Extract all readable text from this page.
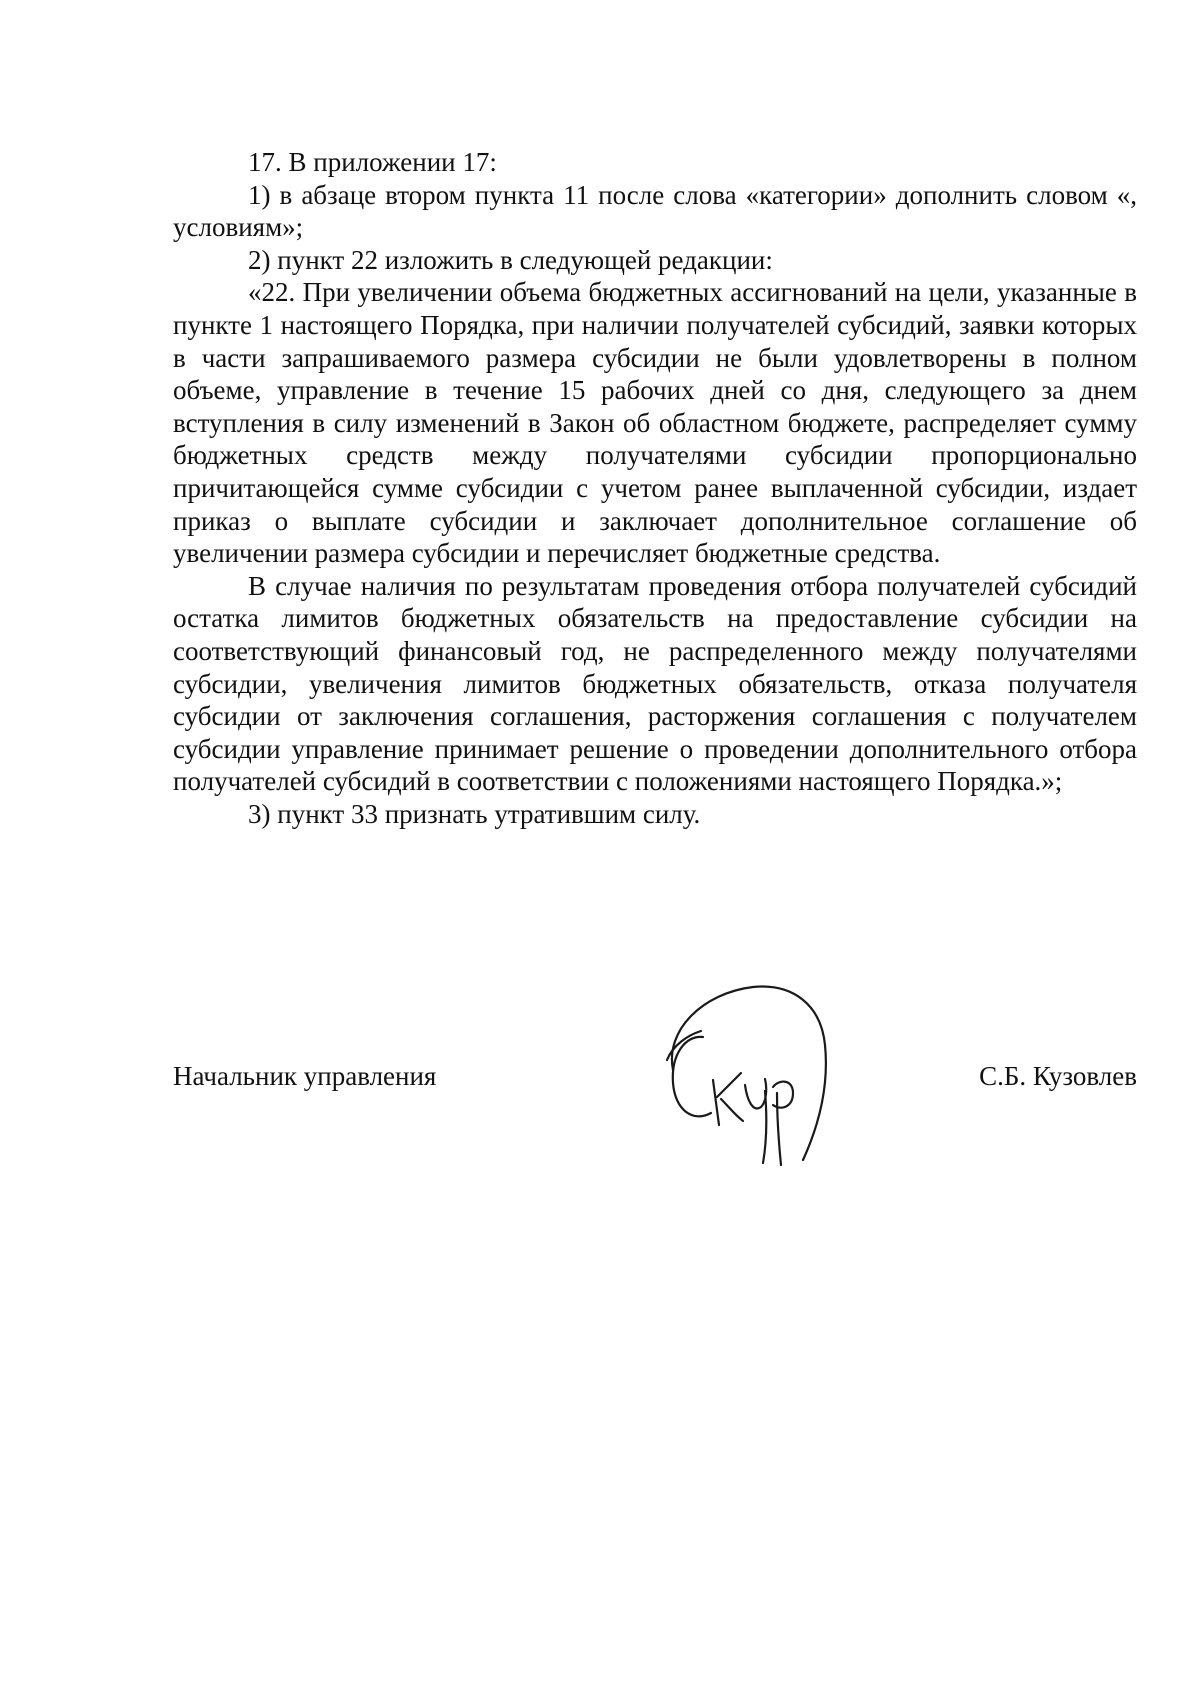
17. В приложении 17:

1) в абзаце втором пункта 11 после слова «категории» дополнить словом «, условиям»;

2) пункт 22 изложить в следующей редакции:

«22. При увеличении объема бюджетных ассигнований на цели, указанные в пункте 1 настоящего Порядка, при наличии получателей субсидий, заявки которых в части запрашиваемого размера субсидии не были удовлетворены в полном объеме, управление в течение 15 рабочих дней со дня, следующего за днем вступления в силу изменений в Закон об областном бюджете, распределяет сумму бюджетных средств между получателями субсидии пропорционально причитающейся сумме субсидии с учетом ранее выплаченной субсидии, издает приказ о выплате субсидии и заключает дополнительное соглашение об увеличении размера субсидии и перечисляет бюджетные средства.

В случае наличия по результатам проведения отбора получателей субсидий остатка лимитов бюджетных обязательств на предоставление субсидии на соответствующий финансовый год, не распределенного между получателями субсидии, увеличения лимитов бюджетных обязательств, отказа получателя субсидии от заключения соглашения, расторжения соглашения с получателем субсидии управление принимает решение о проведении дополнительного отбора получателей субсидий в соответствии с положениями настоящего Порядка.»;

3) пункт 33 признать утратившим силу.

Начальник управления	С.Б. Кузовлев
